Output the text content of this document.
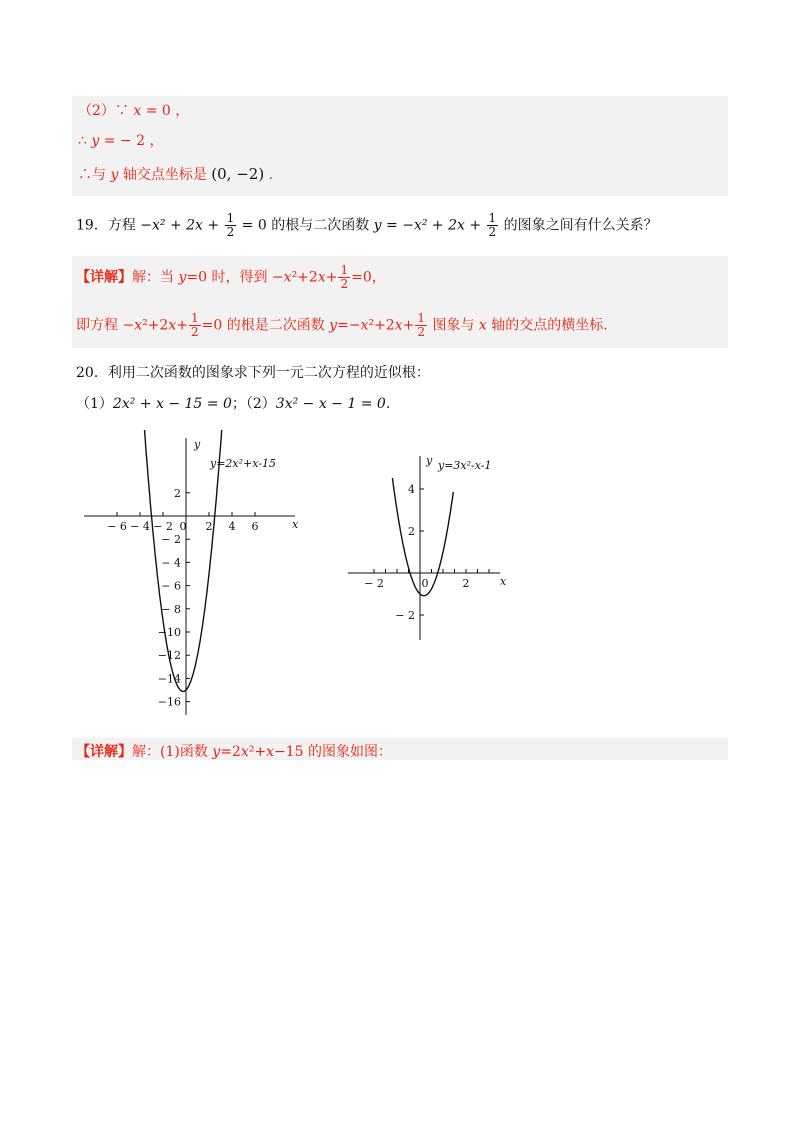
（2）∵ x = 0 ，
∴ y = − 2 ，
∴与 y 轴交点坐标是 (0, −2) .
19．方程 $-x^2 + 2x + \frac{1}{2} = 0$ 的根与二次函数 $y = -x^2 + 2x + \frac{1}{2}$ 的图象之间有什么关系？
【详解】解：当 y=0 时，得到 $-x^2+2x+ \frac{1}{2} =0$，
即方程 $-x^2+2x+ \frac{1}{2} =0$ 的根是二次函数 $y=-x^2+2x+ \frac{1}{2}$ 图象与 x 轴的交点的横坐标.
20．利用二次函数的图象求下列一元二次方程的近似根：
（1）2x² + x − 15 = 0；（2）3x² − x − 1 = 0.
− 6 − 4 − 2 0 2 4 6
2
− 2
− 4
− 6
− 8
−10
−12
−14
−16
x
y
y=2x²+x-15
− 2	0	2
4
2
− 2
x
y y=3x²-x-1
【详解】解：(1)函数 y=2x²+x−15 的图象如图：
